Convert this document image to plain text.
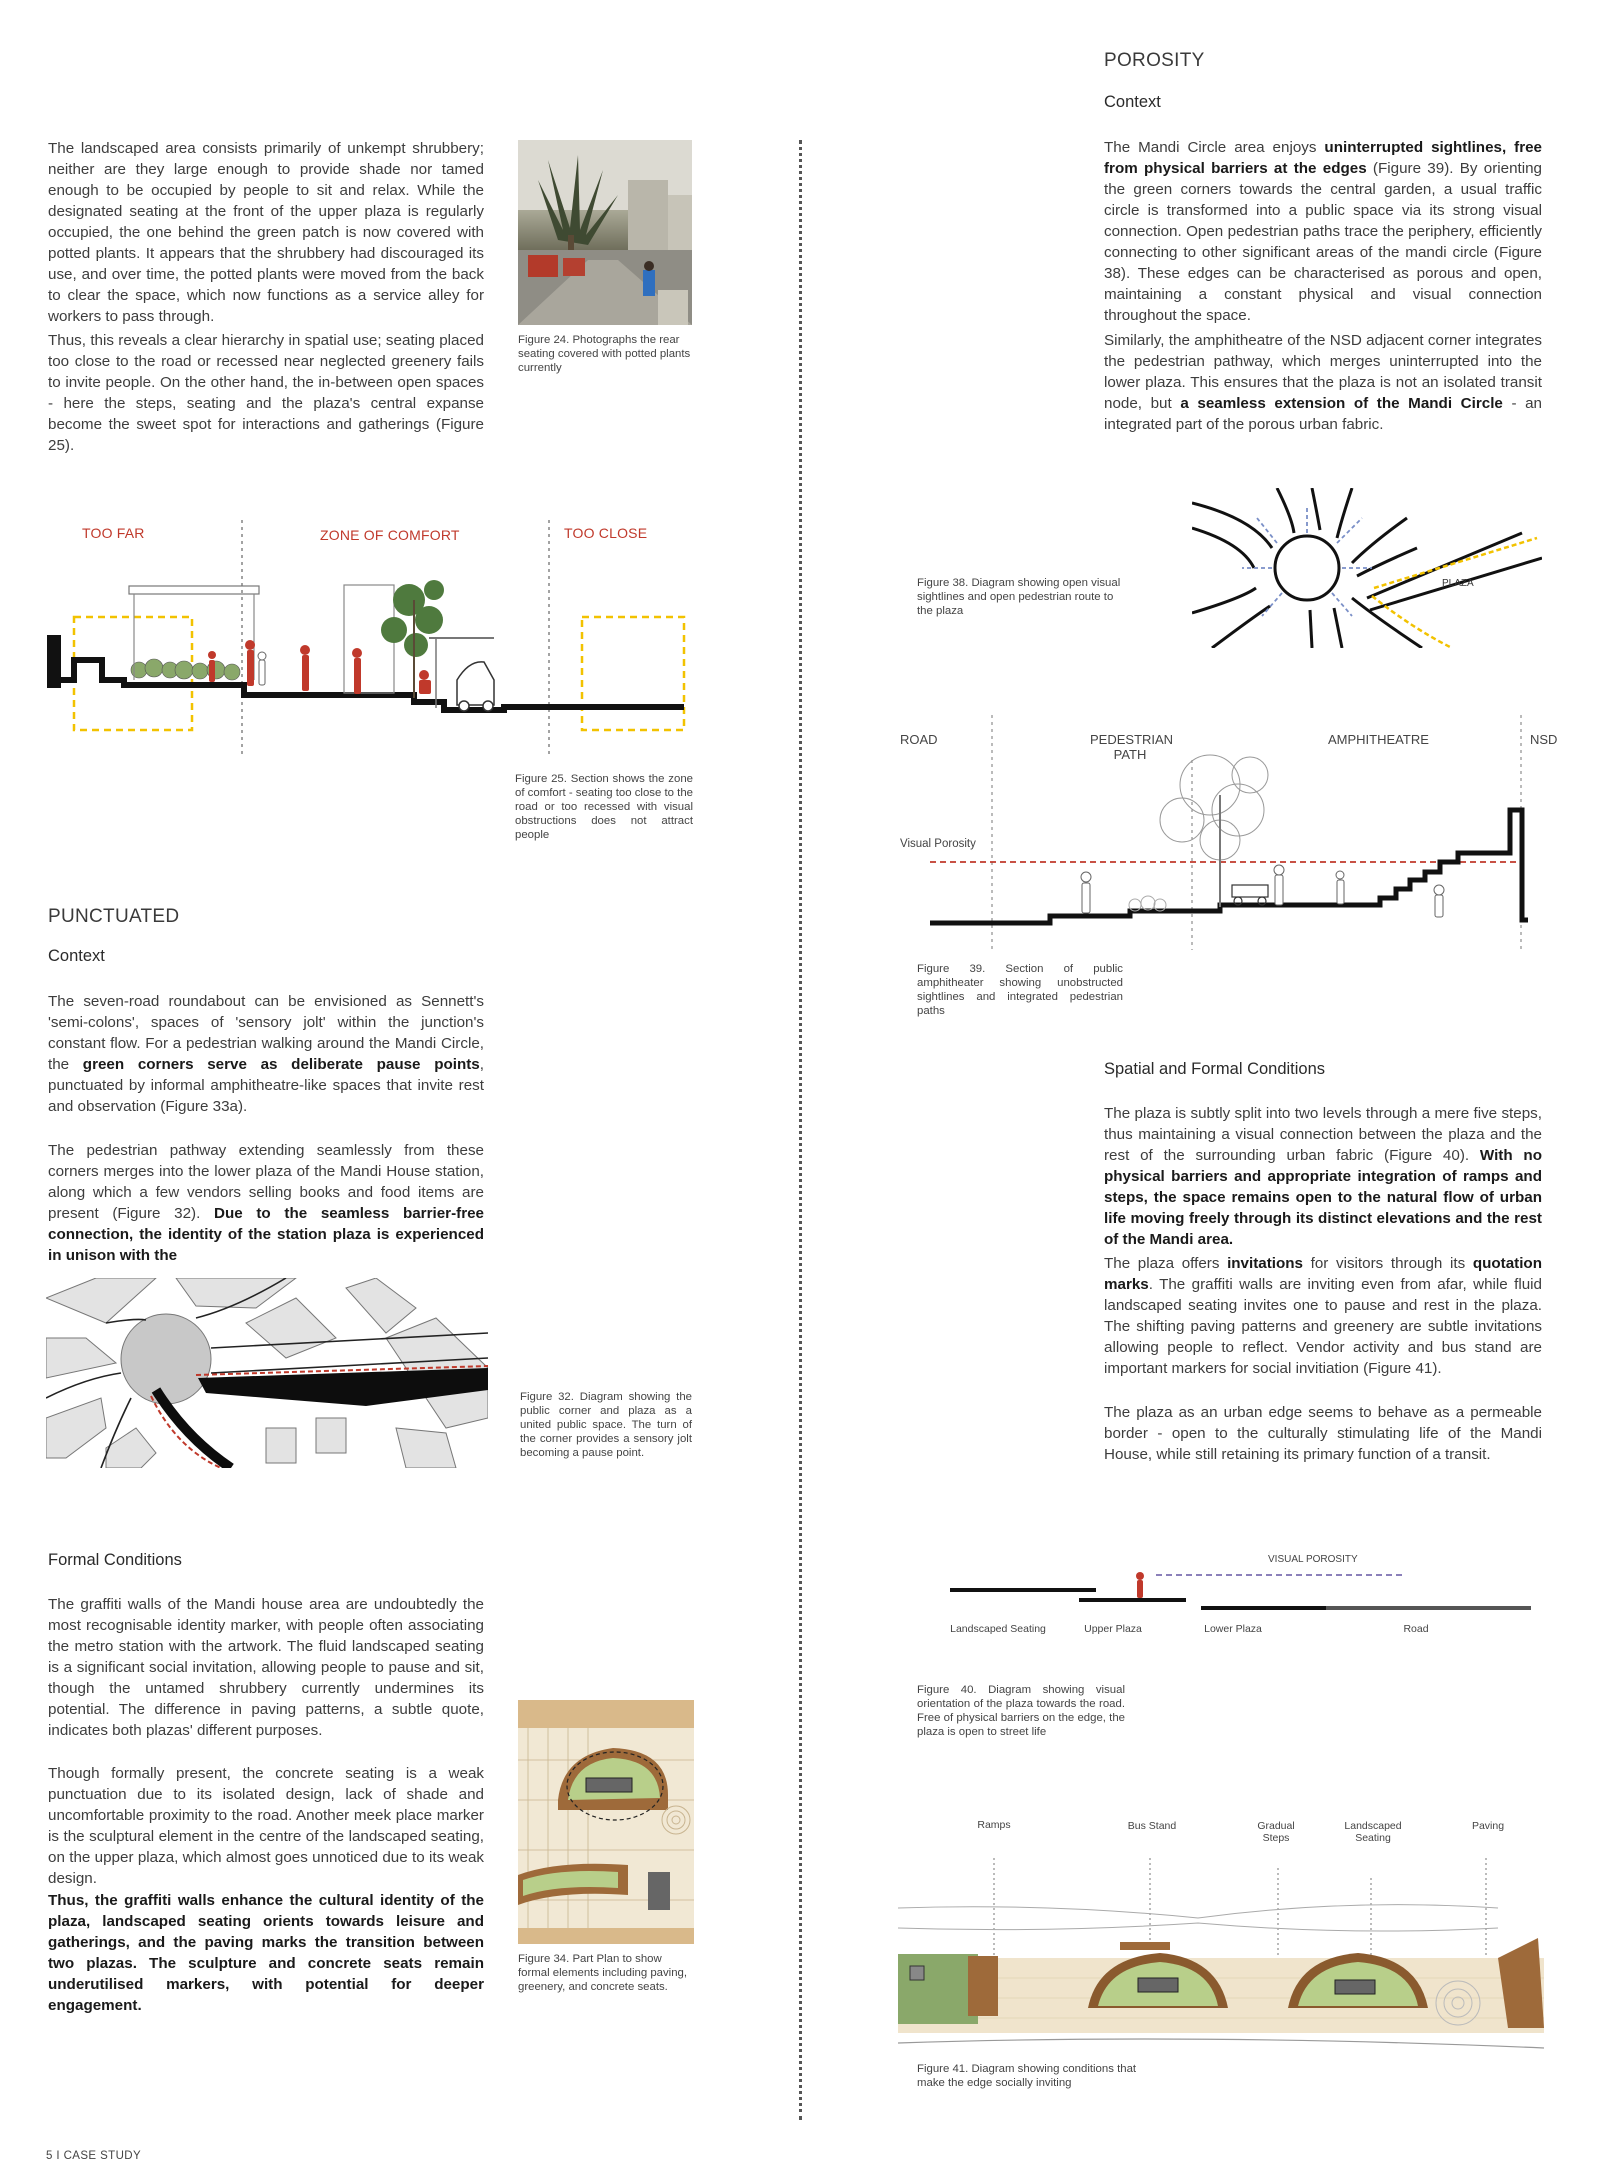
The landscaped area consists primarily of unkempt shrubbery; neither are they large enough to provide shade nor tamed enough to be occupied by people to sit and relax. While the designated seating at the front of the upper plaza is regularly occupied, the one behind the green patch is now covered with potted plants. It appears that the shrubbery had discouraged its use, and over time, the potted plants were moved from the back to clear the space, which now functions as a service alley for workers to pass through.
Thus, this reveals a clear hierarchy in spatial use; seating placed too close to the road or recessed near neglected greenery fails to invite people. On the other hand, the in-between open spaces - here the steps, seating and the plaza's central expanse become the sweet spot for interactions and gatherings (Figure 25).
Figure 24. Photographs the rear seating covered with potted plants currently
TOO FAR	ZONE OF COMFORT	TOO CLOSE
Figure 25. Section shows the zone of comfort - seating too close to the road or too recessed with visual obstructions does not attract people
PUNCTUATED
Context
The seven-road roundabout can be envisioned as Sennett's 'semi-colons', spaces of 'sensory jolt' within the junction's constant flow. For a pedestrian walking around the Mandi Circle, the green corners serve as deliberate pause points, punctuated by informal amphitheatre-like spaces that invite rest and observation (Figure 33a).
The pedestrian pathway extending seamlessly from these corners merges into the lower plaza of the Mandi House station, along which a few vendors selling books and food items are present (Figure 32). Due to the seamless barrier-free connection, the identity of the station plaza is experienced in unison with the
Figure 32. Diagram showing the public corner and plaza as a united public space. The turn of the corner provides a sensory jolt becoming a pause point.
Formal Conditions
The graffiti walls of the Mandi house area are undoubtedly the most recognisable identity marker, with people often associating the metro station with the artwork. The fluid landscaped seating is a significant social invitation, allowing people to pause and sit, though the untamed shrubbery currently undermines its potential. The difference in paving patterns, a subtle quote, indicates both plazas' different purposes.
Though formally present, the concrete seating is a weak punctuation due to its isolated design, lack of shade and uncomfortable proximity to the road. Another meek place marker is the sculptural element in the centre of the landscaped seating, on the upper plaza, which almost goes unnoticed due to its weak design.
Thus, the graffiti walls enhance the cultural identity of the plaza, landscaped seating orients towards leisure and gatherings, and the paving marks the transition between two plazas. The sculpture and concrete seats remain underutilised markers, with potential for deeper engagement.
Figure 34. Part Plan to show formal elements including paving, greenery, and concrete seats.
5 I CASE STUDY
POROSITY
Context
The Mandi Circle area enjoys uninterrupted sightlines, free from physical barriers at the edges (Figure 39). By orienting the green corners towards the central garden, a usual traffic circle is transformed into a public space via its strong visual connection. Open pedestrian paths trace the periphery, efficiently connecting to other significant areas of the mandi circle (Figure 38). These edges can be characterised as porous and open, maintaining a constant physical and visual connection throughout the space.
Similarly, the amphitheatre of the NSD adjacent corner integrates the pedestrian pathway, which merges uninterrupted into the lower plaza. This ensures that the plaza is not an isolated transit node, but a seamless extension of the Mandi Circle - an integrated part of the porous urban fabric.
Figure 38. Diagram showing open visual sightlines and open pedestrian route to the plaza
PLAZA
ROAD	PEDESTRIAN PATH
AMPHITHEATRE	NSD
Visual Porosity
Figure 39. Section of public amphitheater showing unobstructed sightlines and integrated pedestrian paths
Spatial and Formal Conditions
The plaza is subtly split into two levels through a mere five steps, thus maintaining a visual connection between the plaza and the rest of the surrounding urban fabric (Figure 40). With no physical barriers and appropriate integration of ramps and steps, the space remains open to the natural flow of urban life moving freely through its distinct elevations and the rest of the Mandi area.
The plaza offers invitations for visitors through its quotation marks. The graffiti walls are inviting even from afar, while fluid landscaped seating invites one to pause and rest in the plaza. The shifting paving patterns and greenery are subtle invitations allowing people to reflect. Vendor activity and bus stand are important markers for social invitiation (Figure 41).
The plaza as an urban edge seems to behave as a permeable border - open to the culturally stimulating life of the Mandi House, while still retaining its primary function of a transit.
VISUAL POROSITY
Landscaped Seating	Upper Plaza	Lower Plaza	Road
Figure 40. Diagram showing visual orientation of the plaza towards the road. Free of physical barriers on the edge, the plaza is open to street life
Ramps	Bus Stand	Gradual Steps
Landscaped Seating
Paving
Figure 41. Diagram showing conditions that make the edge socially inviting
